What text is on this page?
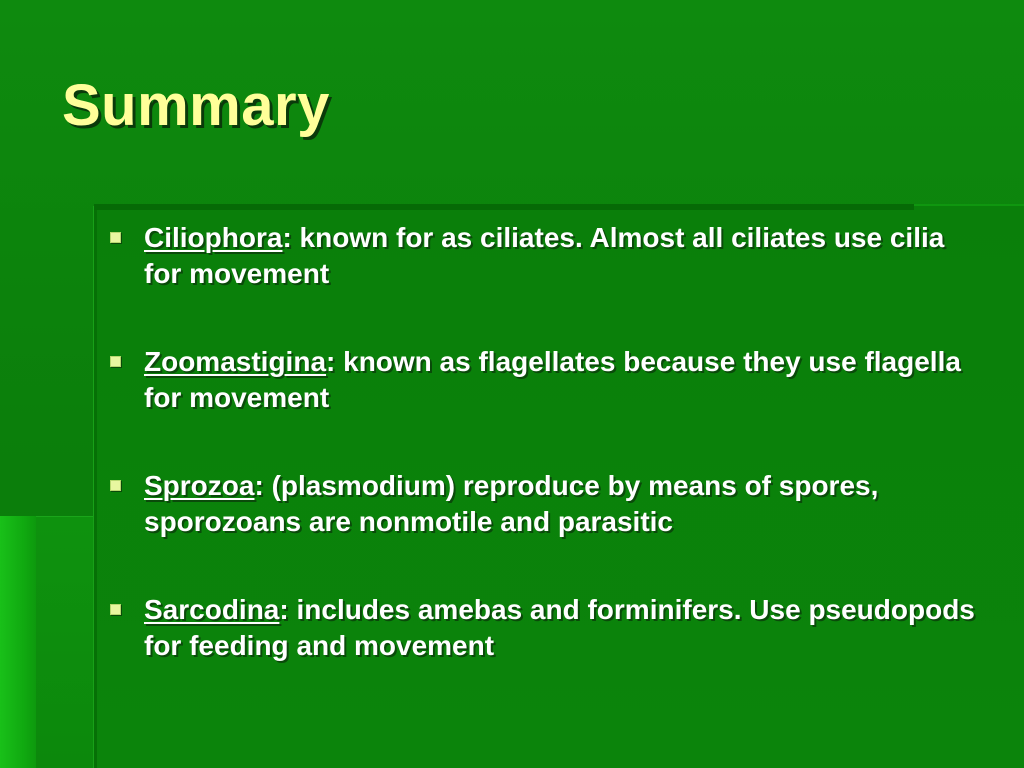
Summary
Ciliophora: known for as ciliates. Almost all ciliates use cilia for movement
Zoomastigina: known as flagellates because they use flagella for movement
Sprozoa: (plasmodium) reproduce by means of spores, sporozoans are nonmotile and parasitic
Sarcodina: includes amebas and forminifers. Use pseudopods for feeding and movement
